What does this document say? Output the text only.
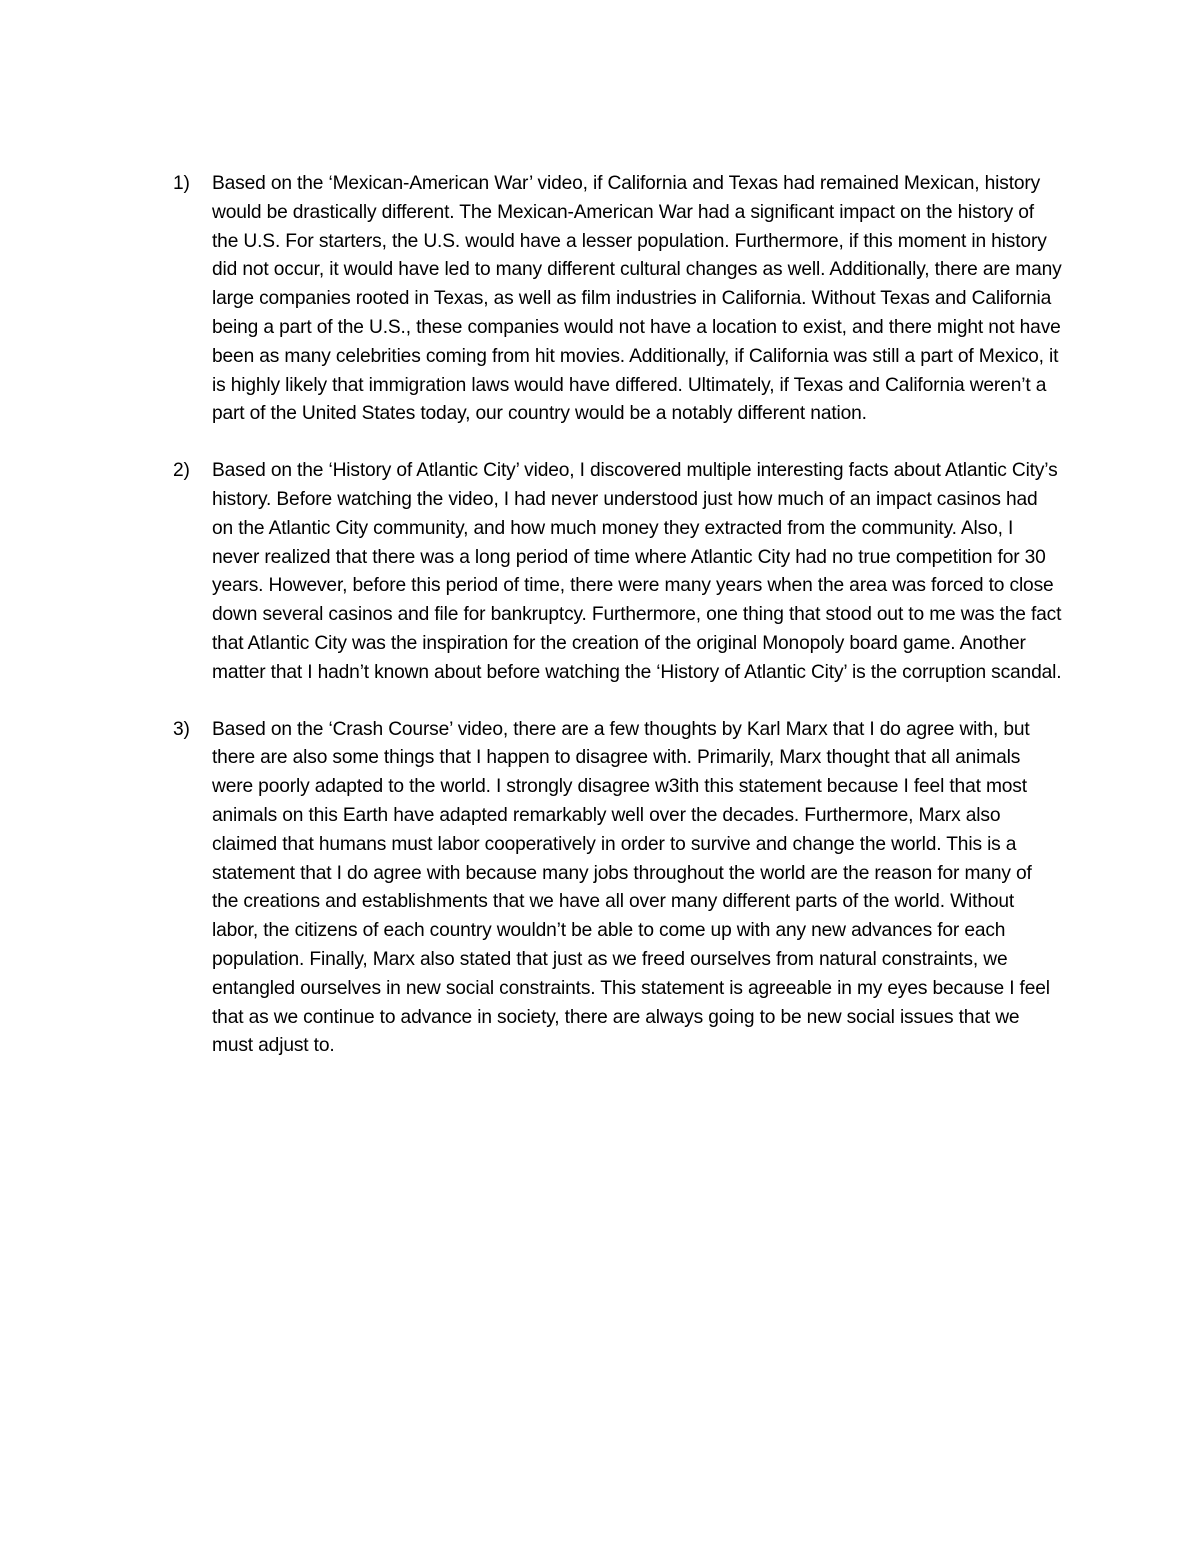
1) Based on the ‘Mexican-American War’ video, if California and Texas had remained Mexican, history would be drastically different. The Mexican-American War had a significant impact on the history of the U.S. For starters, the U.S. would have a lesser population. Furthermore, if this moment in history did not occur, it would have led to many different cultural changes as well. Additionally, there are many large companies rooted in Texas, as well as film industries in California. Without Texas and California being a part of the U.S., these companies would not have a location to exist, and there might not have been as many celebrities coming from hit movies. Additionally, if California was still a part of Mexico, it is highly likely that immigration laws would have differed. Ultimately, if Texas and California weren’t a part of the United States today, our country would be a notably different nation.
2) Based on the ‘History of Atlantic City’ video, I discovered multiple interesting facts about Atlantic City’s history. Before watching the video, I had never understood just how much of an impact casinos had on the Atlantic City community, and how much money they extracted from the community. Also, I never realized that there was a long period of time where Atlantic City had no true competition for 30 years. However, before this period of time, there were many years when the area was forced to close down several casinos and file for bankruptcy. Furthermore, one thing that stood out to me was the fact that Atlantic City was the inspiration for the creation of the original Monopoly board game. Another matter that I hadn’t known about before watching the ‘History of Atlantic City’ is the corruption scandal.
3) Based on the ‘Crash Course’ video, there are a few thoughts by Karl Marx that I do agree with, but there are also some things that I happen to disagree with. Primarily, Marx thought that all animals were poorly adapted to the world. I strongly disagree w3ith this statement because I feel that most animals on this Earth have adapted remarkably well over the decades. Furthermore, Marx also claimed that humans must labor cooperatively in order to survive and change the world. This is a statement that I do agree with because many jobs throughout the world are the reason for many of the creations and establishments that we have all over many different parts of the world. Without labor, the citizens of each country wouldn’t be able to come up with any new advances for each population. Finally, Marx also stated that just as we freed ourselves from natural constraints, we entangled ourselves in new social constraints. This statement is agreeable in my eyes because I feel that as we continue to advance in society, there are always going to be new social issues that we must adjust to.
